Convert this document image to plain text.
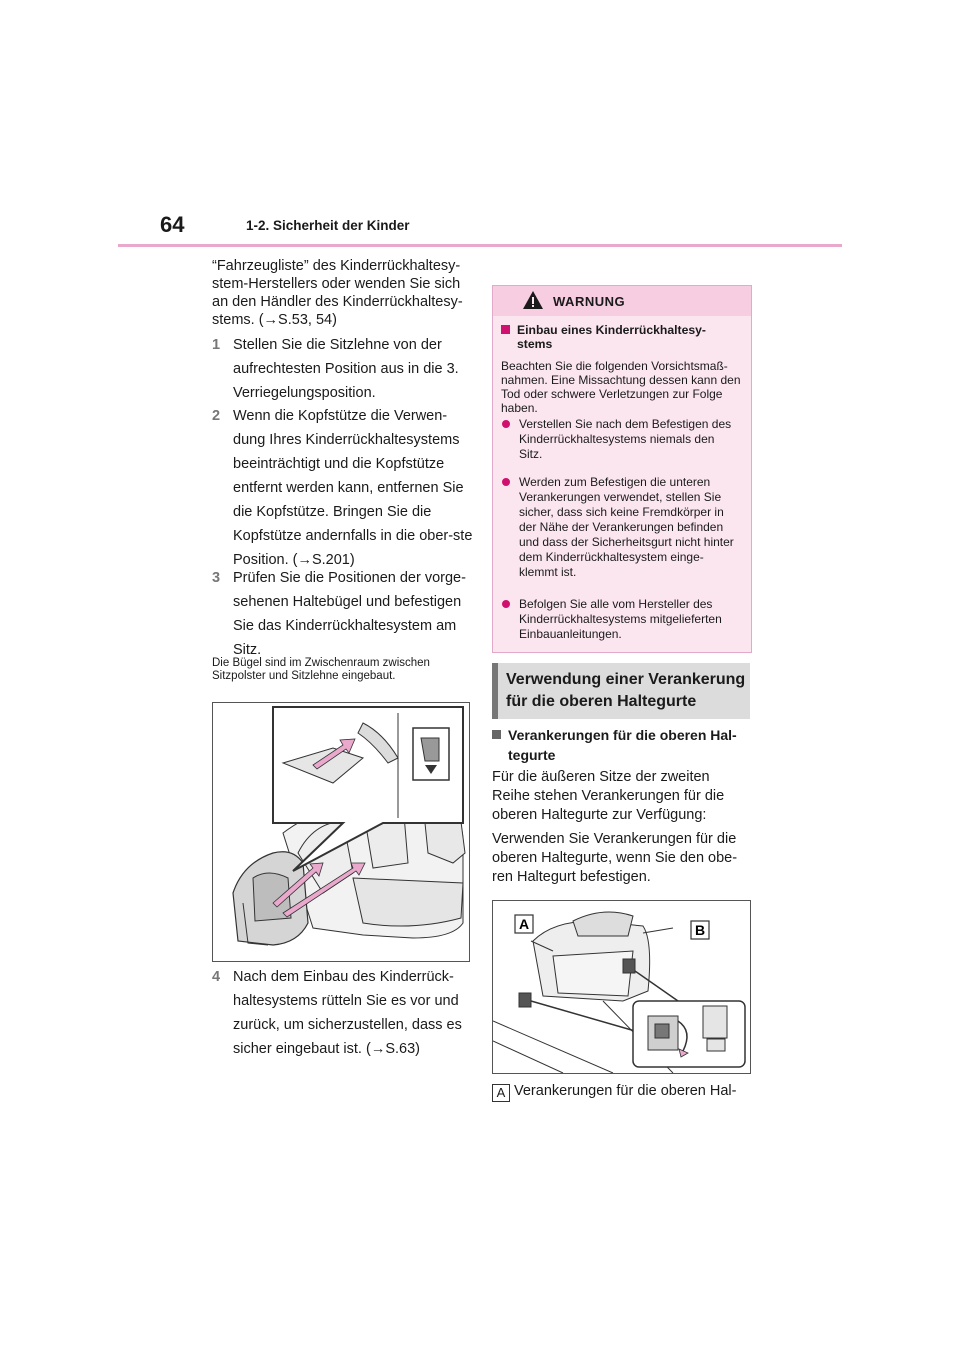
64	1-2. Sicherheit der Kinder
“Fahrzeugliste” des Kinderrückhaltesy-stem-Herstellers oder wenden Sie sich an den Händler des Kinderrückhaltesy-stems. (→S.53, 54)
1 Stellen Sie die Sitzlehne von der aufrechtesten Position aus in die 3. Verriegelungsposition.
2 Wenn die Kopfstütze die Verwen-dung Ihres Kinderrückhaltesystems beeinträchtigt und die Kopfstütze entfernt werden kann, entfernen Sie die Kopfstütze. Bringen Sie die Kopfstütze andernfalls in die ober-ste Position. (→S.201)
3 Prüfen Sie die Positionen der vorge-sehenen Haltebügel und befestigen Sie das Kinderrückhaltesystem am Sitz.
Die Bügel sind im Zwischenraum zwischen Sitzpolster und Sitzlehne eingebaut.
4 Nach dem Einbau des Kinderrück-haltesystems rütteln Sie es vor und zurück, um sicherzustellen, dass es sicher eingebaut ist. (→S.63)
WARNUNG
Einbau eines Kinderrückhaltesy-stems
Beachten Sie die folgenden Vorsichtsmaß-nahmen. Eine Missachtung dessen kann den Tod oder schwere Verletzungen zur Folge haben.
Verstellen Sie nach dem Befestigen des Kinderrückhaltesystems niemals den Sitz.
Werden zum Befestigen die unteren Verankerungen verwendet, stellen Sie sicher, dass sich keine Fremdkörper in der Nähe der Verankerungen befinden und dass der Sicherheitsgurt nicht hinter dem Kinderrückhaltesystem einge-klemmt ist.
Befolgen Sie alle vom Hersteller des Kinderrückhaltesystems mitgelieferten Einbauanleitungen.
Verwendung einer Verankerung für die oberen Haltegurte
Verankerungen für die oberen Hal-tegurte
Für die äußeren Sitze der zweiten Reihe stehen Verankerungen für die oberen Haltegurte zur Verfügung:
Verwenden Sie Verankerungen für die oberen Haltegurte, wenn Sie den obe-ren Haltegurt befestigen.
A	B
A Verankerungen für die oberen Hal-
